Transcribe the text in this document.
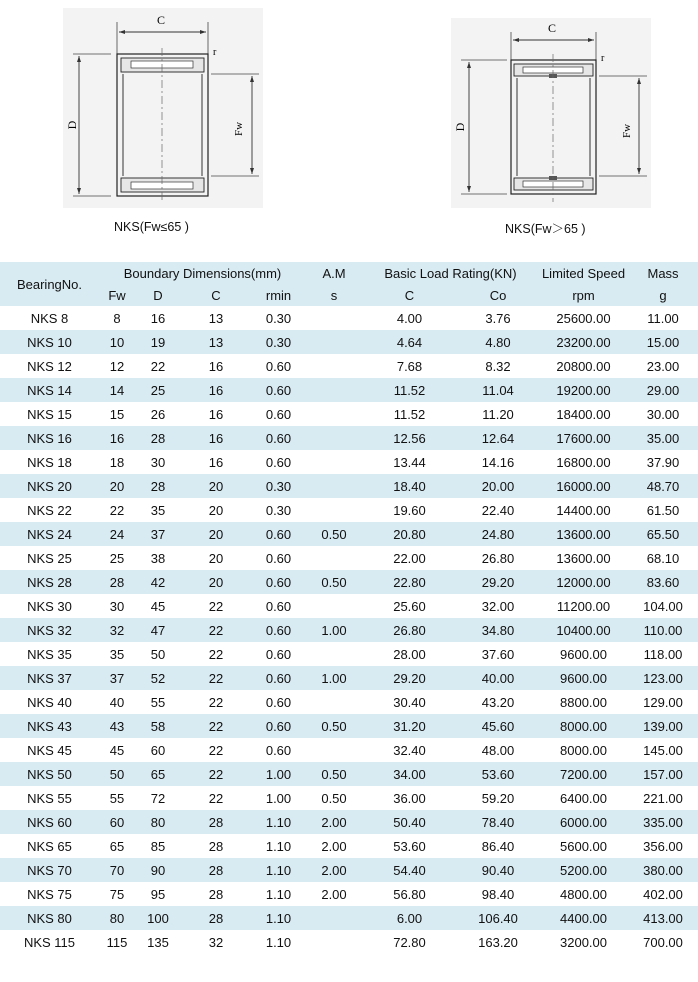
C
r
D	Fw
NKS(Fw≤65 )
C
r
D	Fw
NKS(Fw＞65 )
BearingNo.	Boundary Dimensions(mm)				A.M	Basic Load Rating(KN)		Limited Speed	Mass
	Fw	D	C	rmin	s	C	Co	rpm	g
NKS 8	8	16	13	0.30		4.00	3.76	25600.00	11.00
NKS 10	10	19	13	0.30		4.64	4.80	23200.00	15.00
NKS 12	12	22	16	0.60		7.68	8.32	20800.00	23.00
NKS 14	14	25	16	0.60		11.52	11.04	19200.00	29.00
NKS 15	15	26	16	0.60		11.52	11.20	18400.00	30.00
NKS 16	16	28	16	0.60		12.56	12.64	17600.00	35.00
NKS 18	18	30	16	0.60		13.44	14.16	16800.00	37.90
NKS 20	20	28	20	0.30		18.40	20.00	16000.00	48.70
NKS 22	22	35	20	0.30		19.60	22.40	14400.00	61.50
NKS 24	24	37	20	0.60	0.50	20.80	24.80	13600.00	65.50
NKS 25	25	38	20	0.60		22.00	26.80	13600.00	68.10
NKS 28	28	42	20	0.60	0.50	22.80	29.20	12000.00	83.60
NKS 30	30	45	22	0.60		25.60	32.00	11200.00	104.00
NKS 32	32	47	22	0.60	1.00	26.80	34.80	10400.00	110.00
NKS 35	35	50	22	0.60		28.00	37.60	9600.00	118.00
NKS 37	37	52	22	0.60	1.00	29.20	40.00	9600.00	123.00
NKS 40	40	55	22	0.60		30.40	43.20	8800.00	129.00
NKS 43	43	58	22	0.60	0.50	31.20	45.60	8000.00	139.00
NKS 45	45	60	22	0.60		32.40	48.00	8000.00	145.00
NKS 50	50	65	22	1.00	0.50	34.00	53.60	7200.00	157.00
NKS 55	55	72	22	1.00	0.50	36.00	59.20	6400.00	221.00
NKS 60	60	80	28	1.10	2.00	50.40	78.40	6000.00	335.00
NKS 65	65	85	28	1.10	2.00	53.60	86.40	5600.00	356.00
NKS 70	70	90	28	1.10	2.00	54.40	90.40	5200.00	380.00
NKS 75	75	95	28	1.10	2.00	56.80	98.40	4800.00	402.00
NKS 80	80	100	28	1.10		6.00	106.40	4400.00	413.00
NKS 115	115	135	32	1.10		72.80	163.20	3200.00	700.00
